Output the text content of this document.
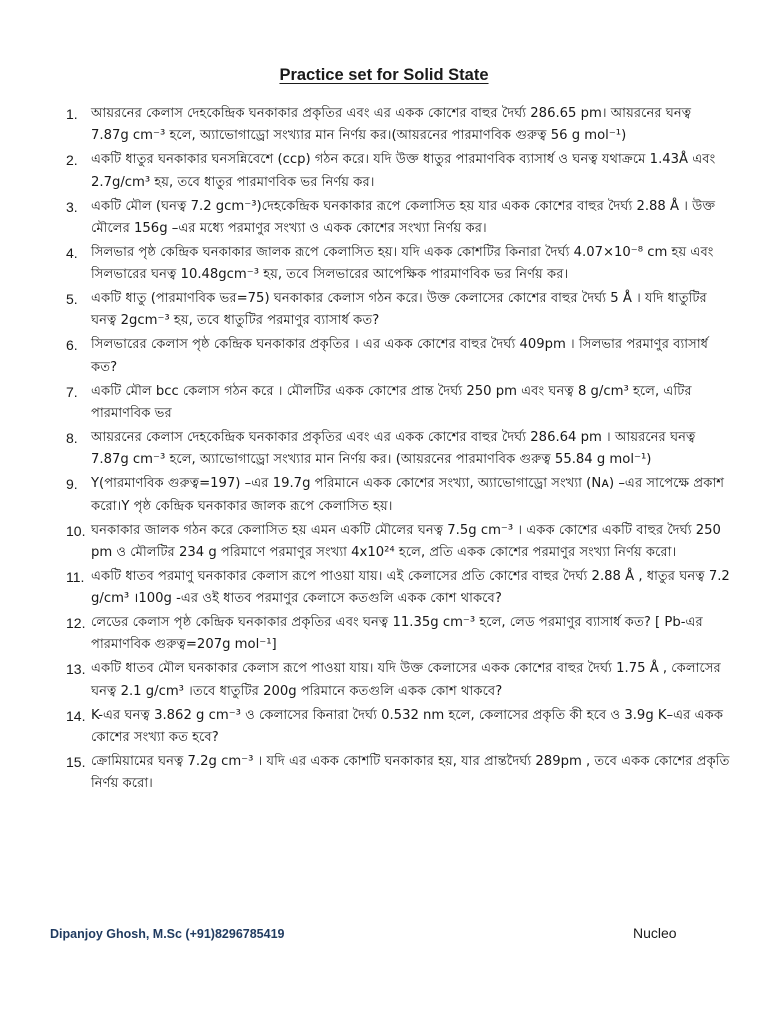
Practice set for Solid State
1. আয়রনের কেলাস দেহকেন্দ্রিক ঘনকাকার প্রকৃতির এবং এর একক কোশের বাহুর দৈর্ঘ্য 286.65 pm। আয়রনের ঘনত্ব 7.87g cm⁻³ হলে, অ্যাভোগাড্রো সংখ্যার মান নির্ণয় কর।(আয়রনের পারমাণবিক গুরুত্ব 56 g mol⁻¹)
2. একটি ধাতুর ঘনকাকার ঘনসন্নিবেশে (ccp) গঠন করে। যদি উক্ত ধাতুর পারমাণবিক ব্যাসার্ধ ও ঘনত্ব যথাক্রমে 1.43Å এবং 2.7g/cm³ হয়, তবে ধাতুর পারমাণবিক ভর নির্ণয় কর।
3. একটি মৌল (ঘনত্ব 7.2 gcm⁻³)দেহকেন্দ্রিক ঘনকাকার রূপে কেলাসিত হয় যার একক কোশের বাহুর দৈর্ঘ্য 2.88 Å । উক্ত মৌলের 156g –এর মধ্যে পরমাণুর সংখ্যা ও একক কোশের সংখ্যা নির্ণয় কর।
4. সিলভার পৃষ্ঠ কেন্দ্রিক ঘনকাকার জালক রূপে কেলাসিত হয়। যদি একক কোশটির কিনারা দৈর্ঘ্য 4.07×10⁻⁸ cm হয় এবং সিলভারের ঘনত্ব 10.48gcm⁻³ হয়, তবে সিলভারের আপেক্ষিক পারমাণবিক ভর নির্ণয় কর।
5. একটি ধাতু (পারমাণবিক ভর=75) ঘনকাকার কেলাস গঠন করে। উক্ত কেলাসের কোশের বাহুর দৈর্ঘ্য 5 Å । যদি ধাতুটির ঘনত্ব 2gcm⁻³ হয়, তবে ধাতুটির পরমাণুর ব্যাসার্ধ কত?
6. সিলভারের কেলাস পৃষ্ঠ কেন্দ্রিক ঘনকাকার প্রকৃতির । এর একক কোশের বাহুর দৈর্ঘ্য 409pm । সিলভার পরমাণুর ব্যাসার্ধ কত?
7. একটি মৌল bcc কেলাস গঠন করে । মৌলটির একক কোশের প্রান্ত দৈর্ঘ্য 250 pm এবং ঘনত্ব 8 g/cm³ হলে, এটির পারমাণবিক ভর
8. আয়রনের কেলাস দেহকেন্দ্রিক ঘনকাকার প্রকৃতির এবং এর একক কোশের বাহুর দৈর্ঘ্য 286.64 pm । আয়রনের ঘনত্ব 7.87g cm⁻³ হলে, অ্যাভোগাড্রো সংখ্যার মান নির্ণয় কর। (আয়রনের পারমাণবিক গুরুত্ব 55.84 g mol⁻¹)
9. Y(পারমাণবিক গুরুত্ব=197) –এর 19.7g পরিমানে একক কোশের সংখ্যা, অ্যাভোগাড্রো সংখ্যা (Nᴀ) –এর সাপেক্ষে প্রকাশ করো।Y পৃষ্ঠ কেন্দ্রিক ঘনকাকার জালক রূপে কেলাসিত হয়।
10. ঘনকাকার জালক গঠন করে কেলাসিত হয় এমন একটি মৌলের ঘনত্ব 7.5g cm⁻³ । একক কোশের একটি বাহুর দৈর্ঘ্য 250 pm ও মৌলটির 234 g পরিমাণে পরমাণুর সংখ্যা 4x10²⁴ হলে, প্রতি একক কোশের পরমাণুর সংখ্যা নির্ণয় করো।
11. একটি ধাতব পরমাণু ঘনকাকার কেলাস রূপে পাওয়া যায়। এই কেলাসের প্রতি কোশের বাহুর দৈর্ঘ্য 2.88 Å , ধাতুর ঘনত্ব 7.2 g/cm³ ।100g -এর ওই ধাতব পরমাণুর কেলাসে কতগুলি একক কোশ থাকবে?
12. লেডের কেলাস পৃষ্ঠ কেন্দ্রিক ঘনকাকার প্রকৃতির এবং ঘনত্ব 11.35g cm⁻³ হলে, লেড পরমাণুর ব্যাসার্ধ কত? [ Pb-এর পারমাণবিক গুরুত্ব=207g mol⁻¹]
13. একটি ধাতব মৌল ঘনকাকার কেলাস রূপে পাওয়া যায়। যদি উক্ত কেলাসের একক কোশের বাহুর দৈর্ঘ্য 1.75 Å , কেলাসের ঘনত্ব 2.1 g/cm³ ।তবে ধাতুটির 200g পরিমানে কতগুলি একক কোশ থাকবে?
14. K-এর ঘনত্ব 3.862 g cm⁻³ ও কেলাসের কিনারা দৈর্ঘ্য 0.532 nm হলে, কেলাসের প্রকৃতি কী হবে ও 3.9g K–এর একক কোশের সংখ্যা কত হবে?
15. ক্রোমিয়ামের ঘনত্ব 7.2g cm⁻³ । যদি এর একক কোশটি ঘনকাকার হয়, যার প্রান্তদৈর্ঘ্য 289pm , তবে একক কোশের প্রকৃতি নির্ণয় করো।

Dipanjoy Ghosh, M.Sc (+91)8296785419	Nucleo
